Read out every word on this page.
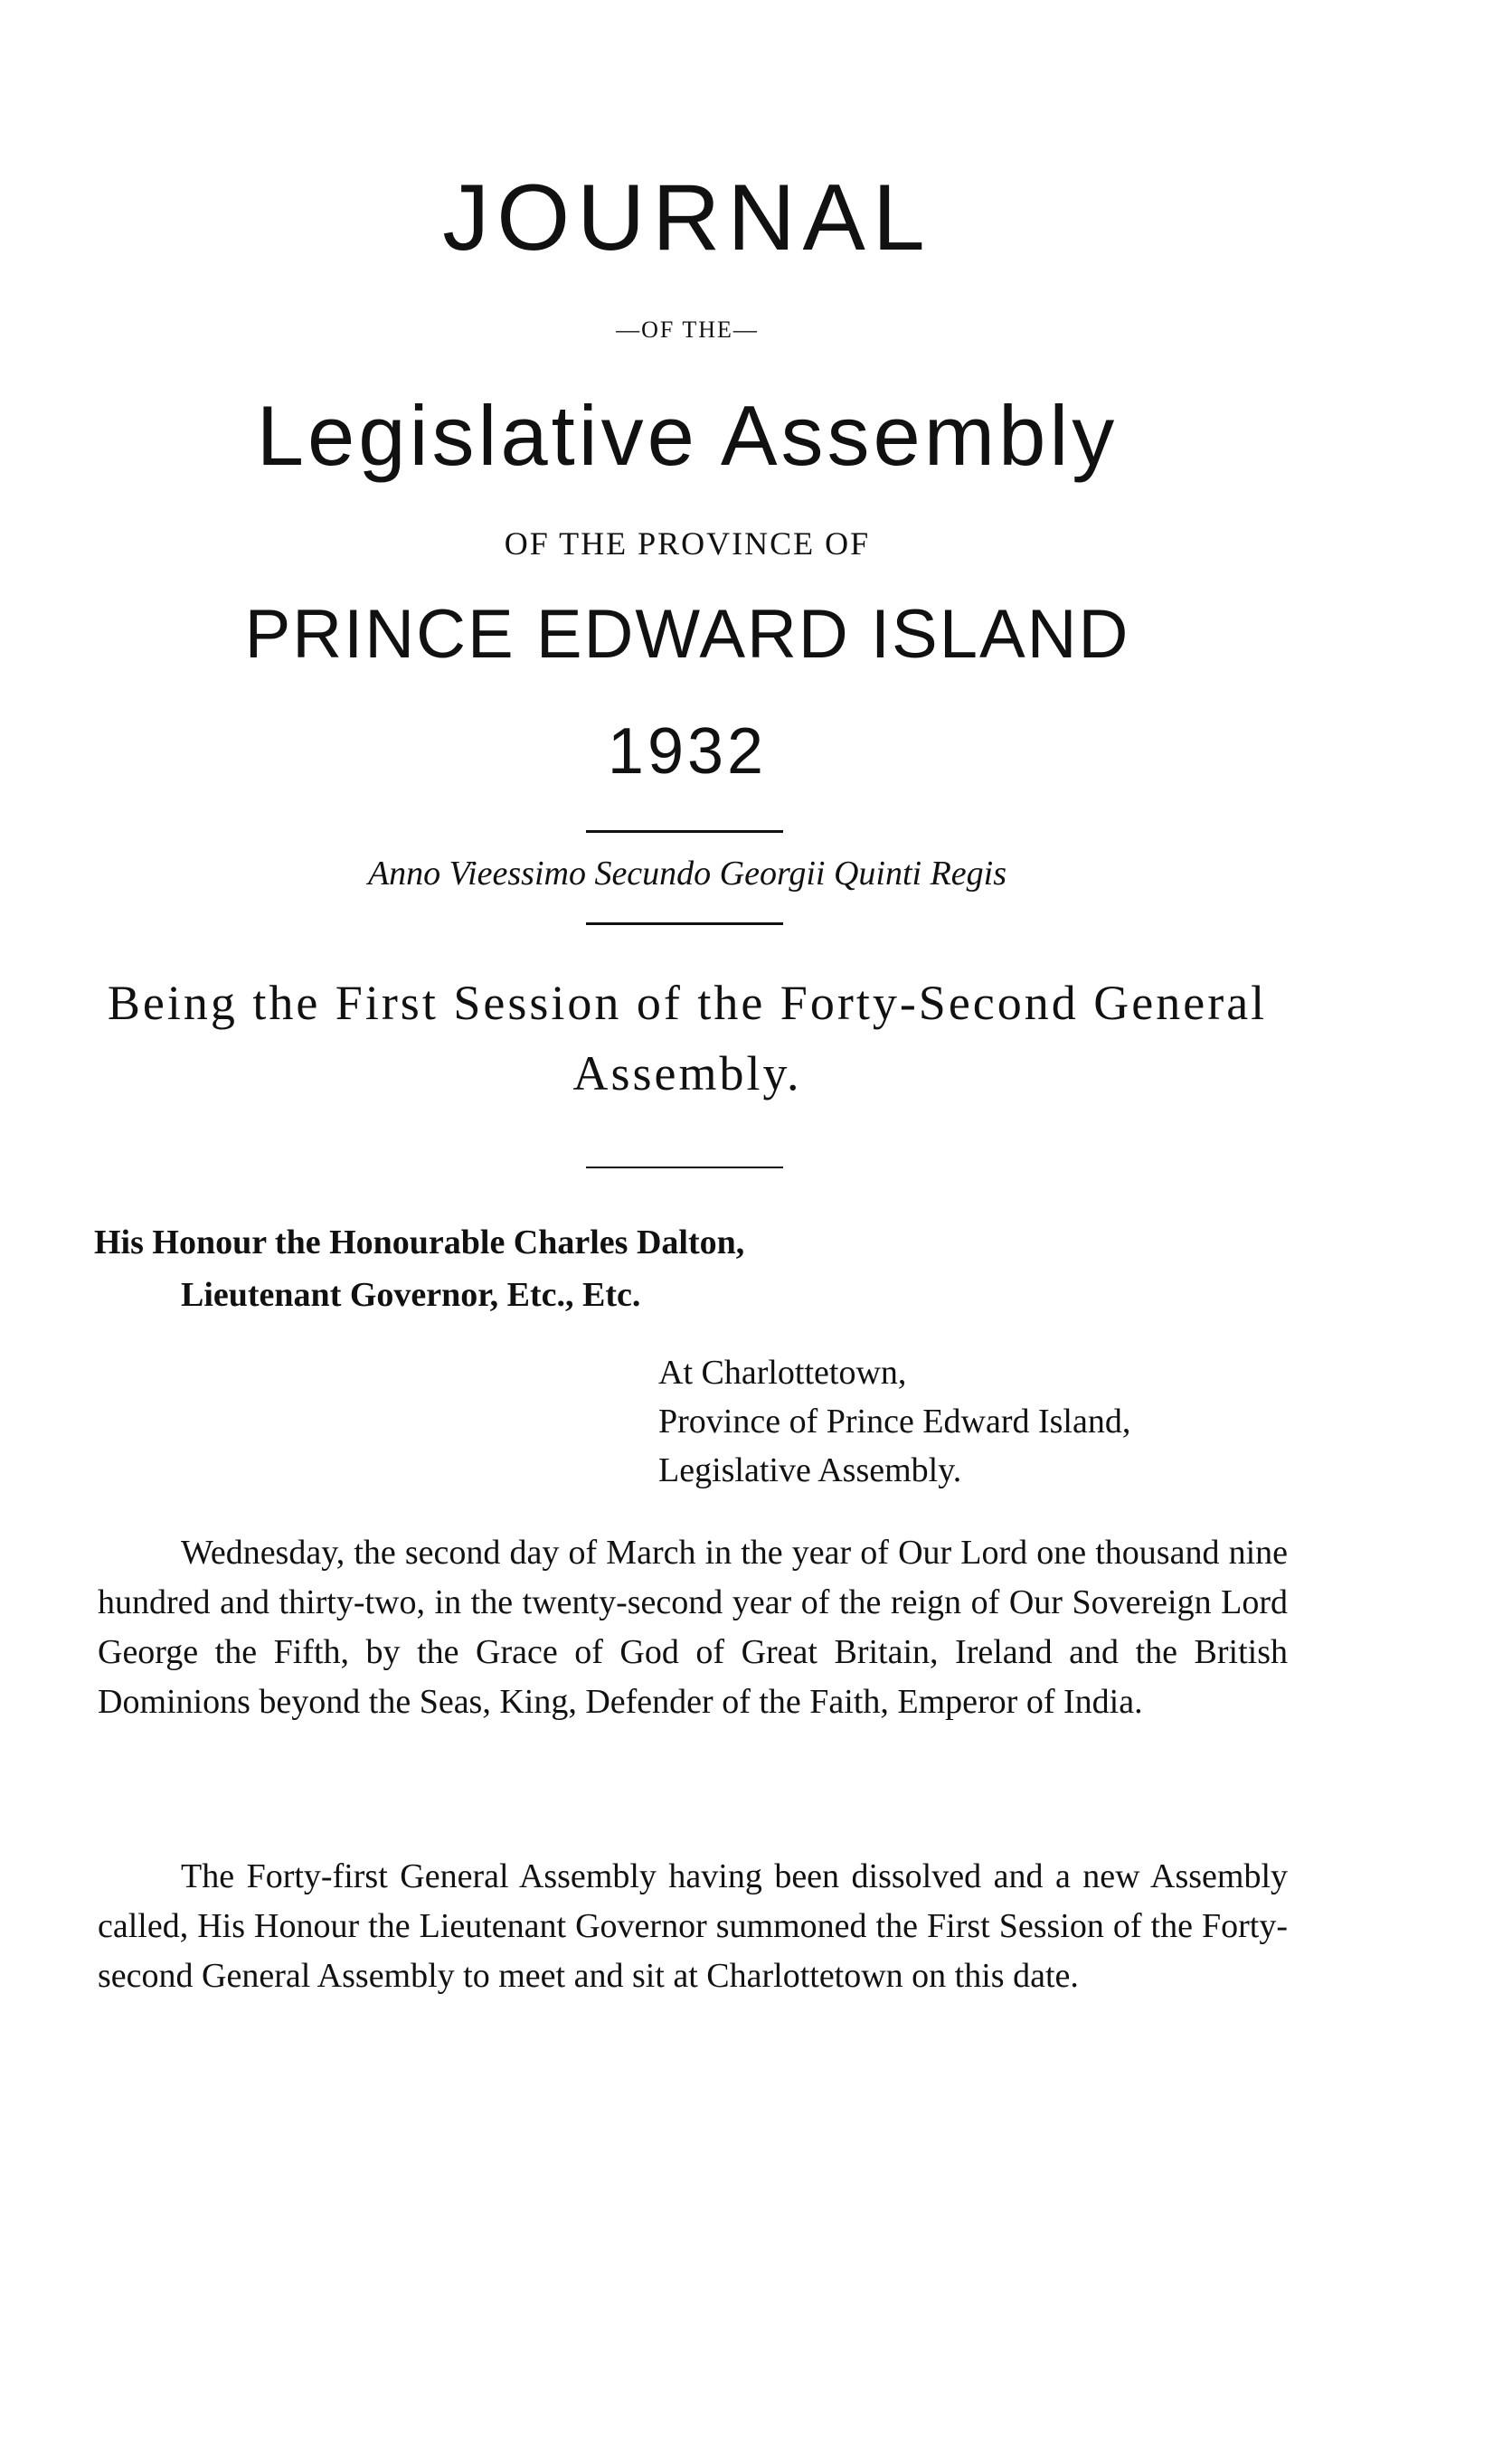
JOURNAL
—OF THE—
Legislative Assembly
OF THE PROVINCE OF
PRINCE EDWARD ISLAND
1932
Anno Vieessimo Secundo Georgii Quinti Regis
Being the First Session of the Forty-Second General Assembly.
His Honour the Honourable Charles Dalton,
Lieutenant Governor, Etc., Etc.
At Charlottetown,
Province of Prince Edward Island,
Legislative Assembly.

Wednesday, the second day of March in the year of Our Lord one thousand nine hundred and thirty-two, in the twenty-second year of the reign of Our Sovereign Lord George the Fifth, by the Grace of God of Great Britain, Ireland and the British Dominions beyond the Seas, King, Defender of the Faith, Emperor of India.

The Forty-first General Assembly having been dissolved and a new Assembly called, His Honour the Lieutenant Governor summoned the First Session of the Forty-second General Assembly to meet and sit at Charlottetown on this date.
